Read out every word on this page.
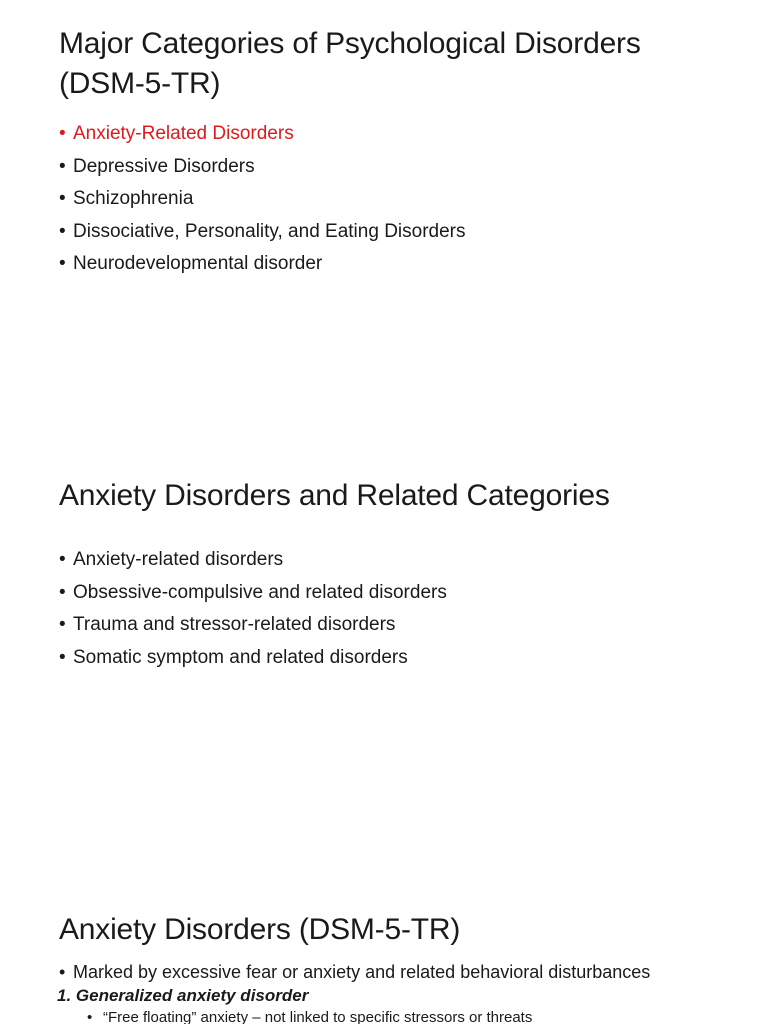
Major Categories of Psychological Disorders
(DSM-5-TR)
• Anxiety-Related Disorders
• Depressive Disorders
• Schizophrenia
• Dissociative, Personality, and Eating Disorders
• Neurodevelopmental disorder
Anxiety Disorders and Related Categories
• Anxiety-related disorders
• Obsessive-compulsive and related disorders
• Trauma and stressor-related disorders
• Somatic symptom and related disorders
Anxiety Disorders (DSM-5-TR)
• Marked by excessive fear or anxiety and related behavioral disturbances

1. Generalized anxiety disorder

• “Free floating” anxiety – not linked to specific stressors or threats
